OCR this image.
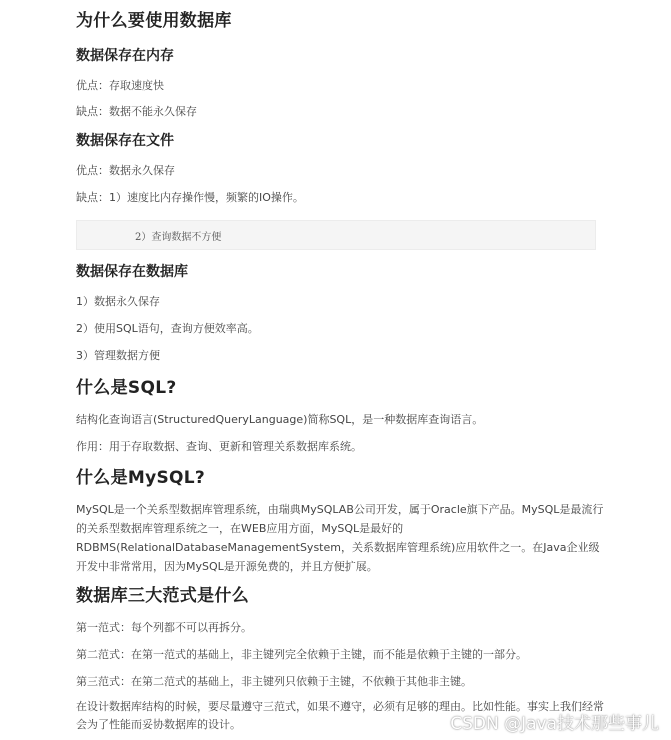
为什么要使用数据库
数据保存在内存
优点：存取速度快
缺点：数据不能永久保存
数据保存在文件
优点：数据永久保存
缺点：1）速度比内存操作慢，频繁的IO操作。
2）查询数据不方便
数据保存在数据库
1）数据永久保存
2）使用SQL语句，查询方便效率高。
3）管理数据方便
什么是SQL?
结构化查询语言(StructuredQueryLanguage)简称SQL，是一种数据库查询语言。
作用：用于存取数据、查询、更新和管理关系数据库系统。
什么是MySQL?
MySQL是一个关系型数据库管理系统，由瑞典MySQLAB公司开发，属于Oracle旗下产品。MySQL是最流行的关系型数据库管理系统之一，在WEB应用方面，MySQL是最好的RDBMS(RelationalDatabaseManagementSystem，关系数据库管理系统)应用软件之一。在Java企业级开发中非常常用，因为MySQL是开源免费的，并且方便扩展。
数据库三大范式是什么
第一范式：每个列都不可以再拆分。
第二范式：在第一范式的基础上，非主键列完全依赖于主键，而不能是依赖于主键的一部分。
第三范式：在第二范式的基础上，非主键列只依赖于主键，不依赖于其他非主键。
在设计数据库结构的时候，要尽量遵守三范式，如果不遵守，必须有足够的理由。比如性能。事实上我们经常会为了性能而妥协数据库的设计。	CSDN @Java技术那些事儿
